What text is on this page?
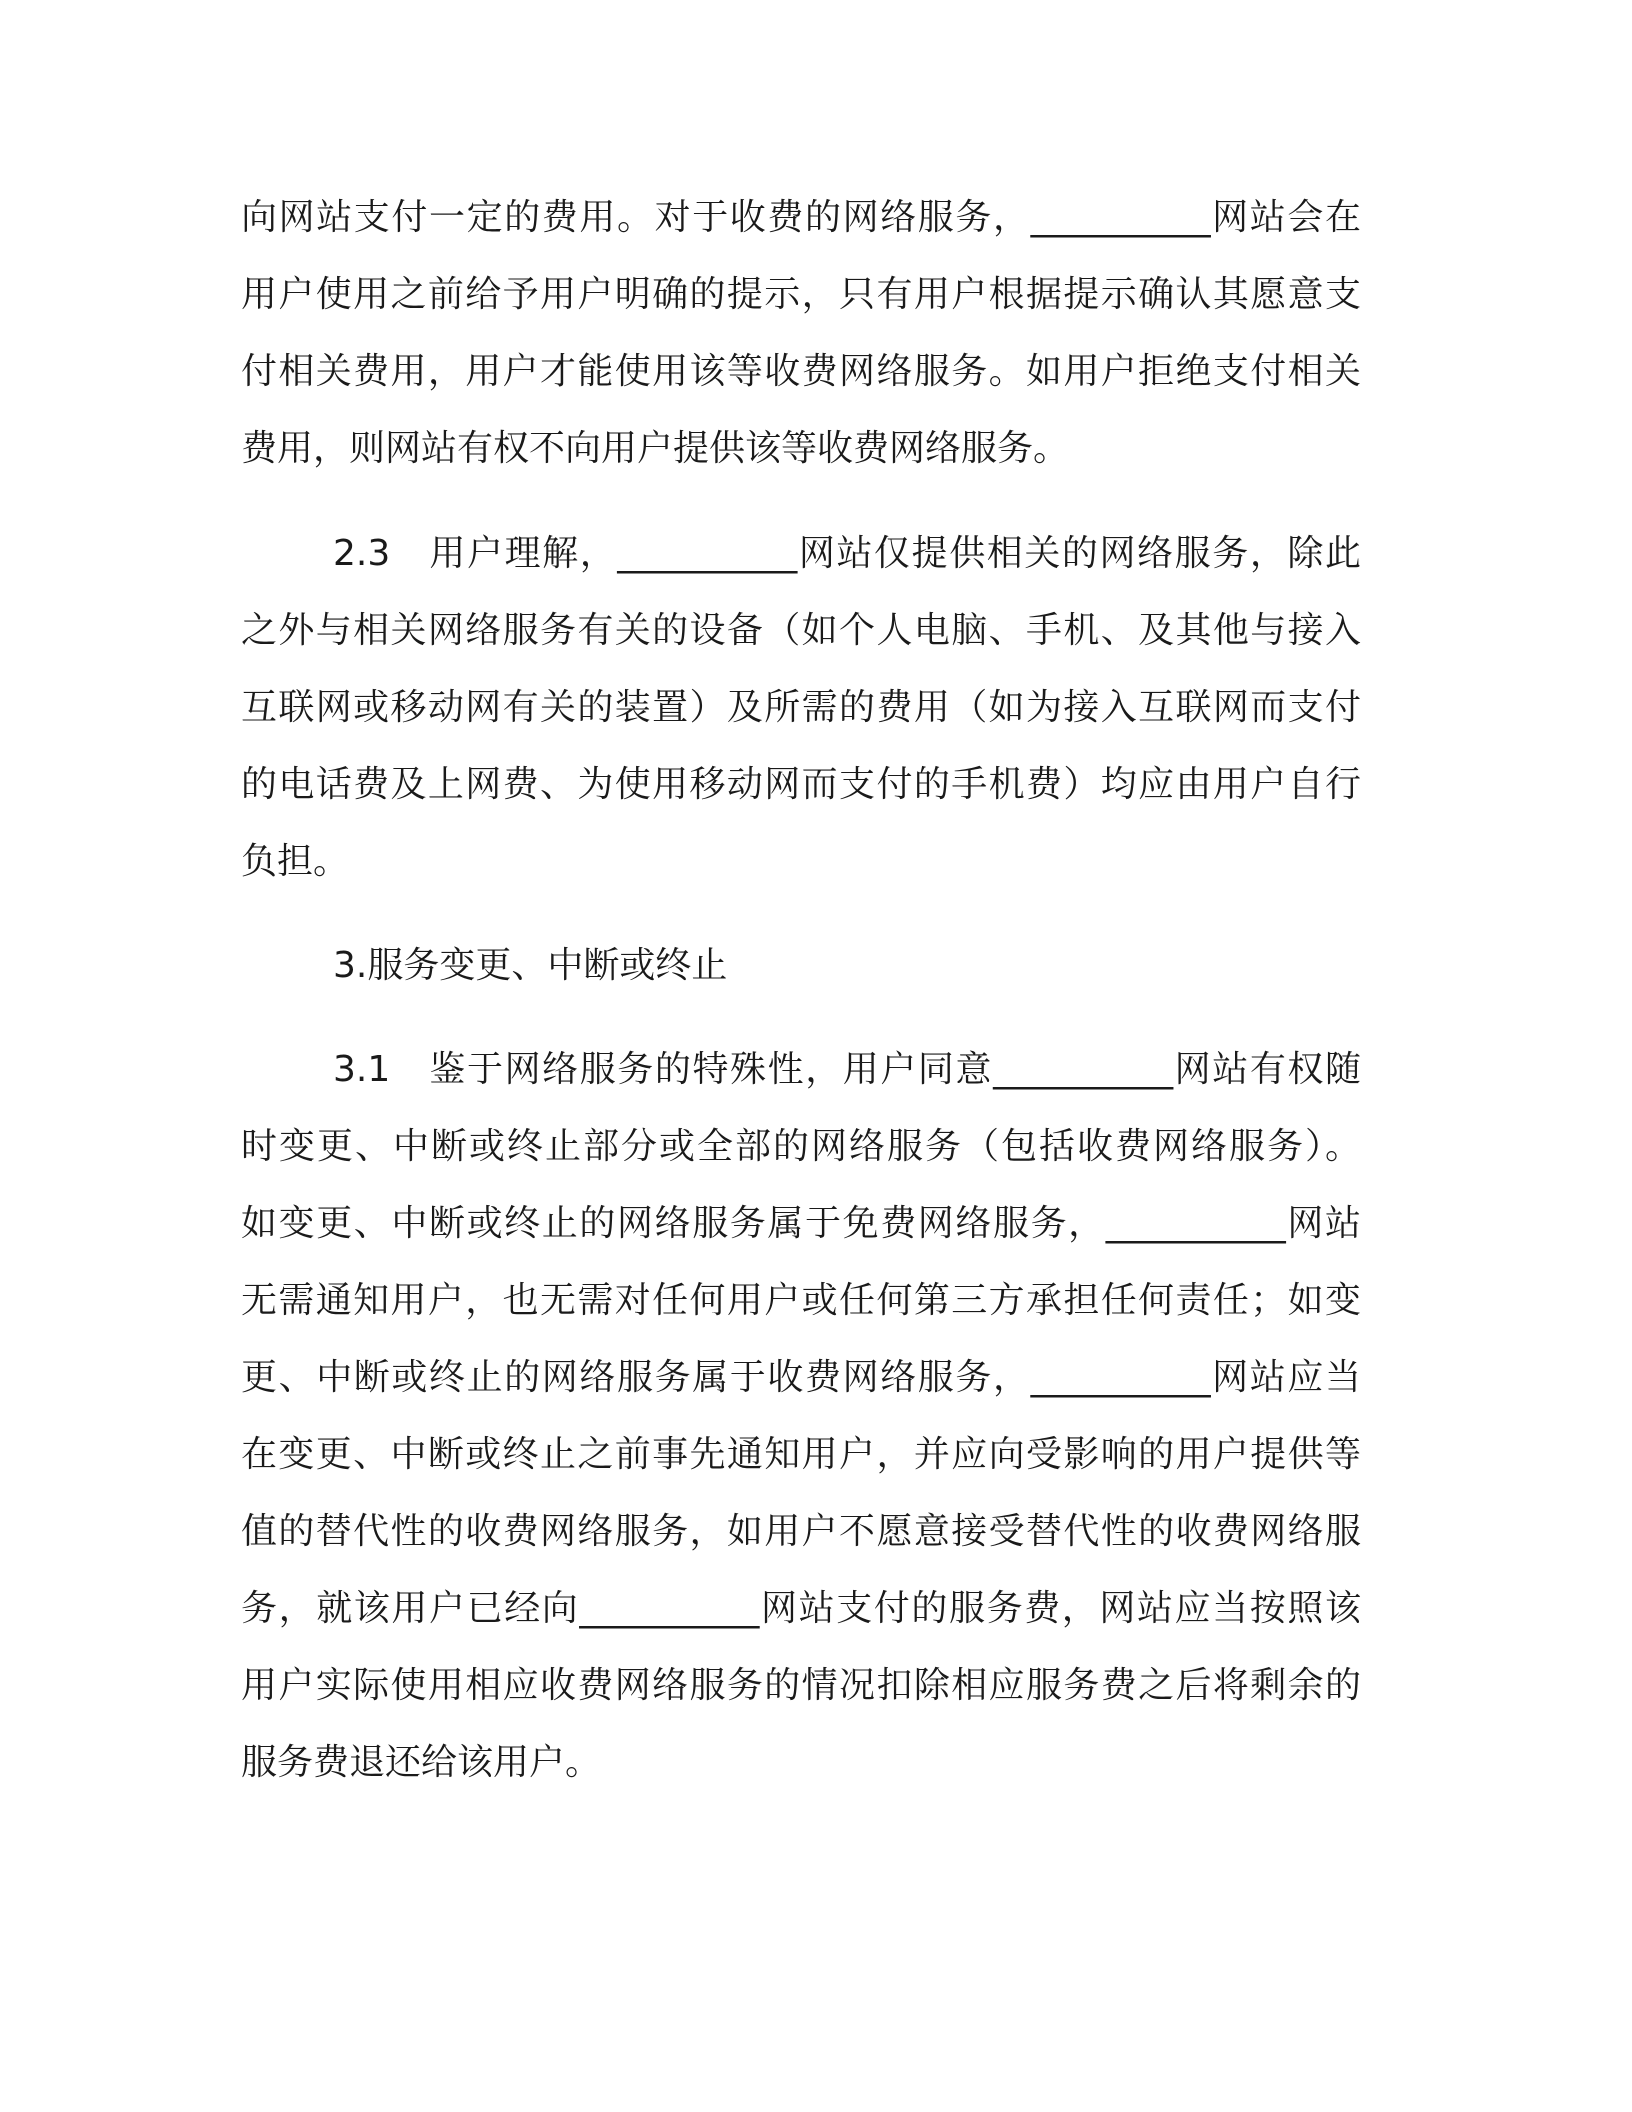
向网站支付一定的费用。对于收费的网络服务，__________网站会在
用户使用之前给予用户明确的提示，只有用户根据提示确认其愿意支
付相关费用，用户才能使用该等收费网络服务。如用户拒绝支付相关
费用，则网站有权不向用户提供该等收费网络服务。
2.3　用户理解，__________网站仅提供相关的网络服务，除此
之外与相关网络服务有关的设备（如个人电脑、手机、及其他与接入
互联网或移动网有关的装置）及所需的费用（如为接入互联网而支付
的电话费及上网费、为使用移动网而支付的手机费）均应由用户自行
负担。
3.服务变更、中断或终止
3.1　鉴于网络服务的特殊性，用户同意__________网站有权随
时变更、中断或终止部分或全部的网络服务（包括收费网络服务）。
如变更、中断或终止的网络服务属于免费网络服务，__________网站
无需通知用户，也无需对任何用户或任何第三方承担任何责任；如变
更、中断或终止的网络服务属于收费网络服务，__________网站应当
在变更、中断或终止之前事先通知用户，并应向受影响的用户提供等
值的替代性的收费网络服务，如用户不愿意接受替代性的收费网络服
务，就该用户已经向__________网站支付的服务费，网站应当按照该
用户实际使用相应收费网络服务的情况扣除相应服务费之后将剩余的
服务费退还给该用户。
